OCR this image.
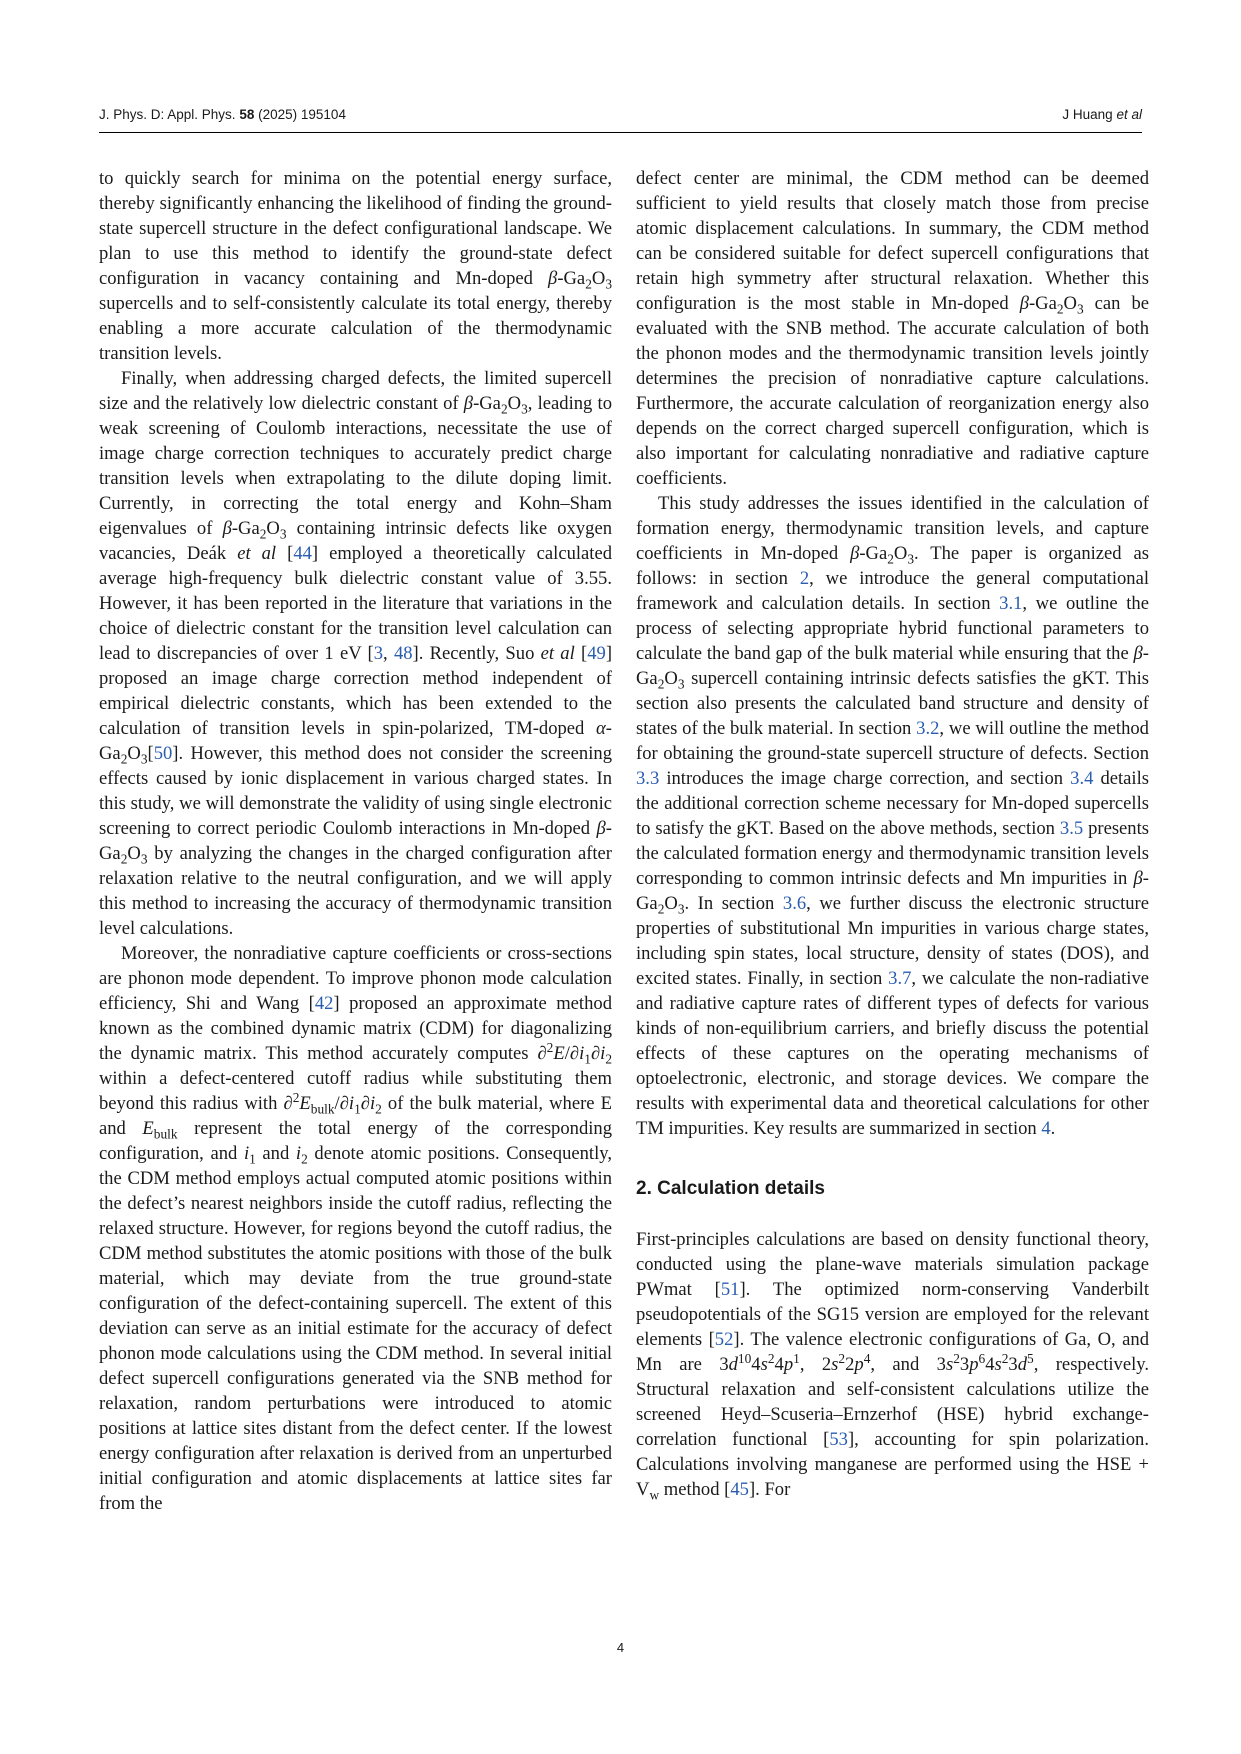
J. Phys. D: Appl. Phys. 58 (2025) 195104	J Huang et al

to quickly search for minima on the potential energy surface, thereby significantly enhancing the likelihood of finding the ground-state supercell structure in the defect configurational landscape. We plan to use this method to identify the ground-state defect configuration in vacancy containing and Mn-doped $\beta-Ga_2O_3$ supercells and to self-consistently calculate its total energy, thereby enabling a more accurate calculation of the thermodynamic transition levels.

Finally, when addressing charged defects, the limited supercell size and the relatively low dielectric constant of $\beta-Ga_2O_3$, leading to weak screening of Coulomb interactions, necessitate the use of image charge correction techniques to accurately predict charge transition levels when extrapolating to the dilute doping limit. Currently, in correcting the total energy and Kohn–Sham eigenvalues of $\beta-Ga_2O_3$ containing intrinsic defects like oxygen vacancies, Deák et al [44] employed a theoretically calculated average high-frequency bulk dielectric constant value of 3.55. However, it has been reported in the literature that variations in the choice of dielectric constant for the transition level calculation can lead to discrepancies of over 1 eV [3, 48]. Recently, Suo et al [49] proposed an image charge correction method independent of empirical dielectric constants, which has been extended to the calculation of transition levels in spin-polarized, TM-doped $\alpha-Ga_2O_3[50]$. However, this method does not consider the screening effects caused by ionic displacement in various charged states. In this study, we will demonstrate the validity of using single electronic screening to correct periodic Coulomb interactions in Mn-doped $\beta-Ga_2O_3$ by analyzing the changes in the charged configuration after relaxation relative to the neutral configuration, and we will apply this method to increasing the accuracy of thermodynamic transition level calculations.

Moreover, the nonradiative capture coefficients or cross-sections are phonon mode dependent. To improve phonon mode calculation efficiency, Shi and Wang [42] proposed an approximate method known as the combined dynamic matrix (CDM) for diagonalizing the dynamic matrix. This method accurately computes $\partial^2E/\partial i_1\partial i_2$ within a defect-centered cutoff radius while substituting them beyond this radius with $\partial^2E_{bulk}/\partial i_1\partial i_2$ of the bulk material, where E and $E_{bulk}$ represent the total energy of the corresponding configuration, and $i_1$ and $i_2$ denote atomic positions. Consequently, the CDM method employs actual computed atomic positions within the defect’s nearest neighbors inside the cutoff radius, reflecting the relaxed structure. However, for regions beyond the cutoff radius, the CDM method substitutes the atomic positions with those of the bulk material, which may deviate from the true ground-state configuration of the defect-containing supercell. The extent of this deviation can serve as an initial estimate for the accuracy of defect phonon mode calculations using the CDM method. In several initial defect supercell configurations generated via the SNB method for relaxation, random perturbations were introduced to atomic positions at lattice sites distant from the defect center. If the lowest energy configuration after relaxation is derived from an unperturbed initial configuration and atomic displacements at lattice sites far from the

defect center are minimal, the CDM method can be deemed sufficient to yield results that closely match those from precise atomic displacement calculations. In summary, the CDM method can be considered suitable for defect supercell configurations that retain high symmetry after structural relaxation. Whether this configuration is the most stable in Mn-doped $\beta-Ga_2O_3$ can be evaluated with the SNB method. The accurate calculation of both the phonon modes and the thermodynamic transition levels jointly determines the precision of nonradiative capture calculations. Furthermore, the accurate calculation of reorganization energy also depends on the correct charged supercell configuration, which is also important for calculating nonradiative and radiative capture coefficients.

This study addresses the issues identified in the calculation of formation energy, thermodynamic transition levels, and capture coefficients in Mn-doped $\beta-Ga_2O_3$. The paper is organized as follows: in section 2, we introduce the general computational framework and calculation details. In section 3.1, we outline the process of selecting appropriate hybrid functional parameters to calculate the band gap of the bulk material while ensuring that the $\beta-Ga_2O_3$ supercell containing intrinsic defects satisfies the gKT. This section also presents the calculated band structure and density of states of the bulk material. In section 3.2, we will outline the method for obtaining the ground-state supercell structure of defects. Section 3.3 introduces the image charge correction, and section 3.4 details the additional correction scheme necessary for Mn-doped supercells to satisfy the gKT. Based on the above methods, section 3.5 presents the calculated formation energy and thermodynamic transition levels corresponding to common intrinsic defects and Mn impurities in $\beta-Ga_2O_3$. In section 3.6, we further discuss the electronic structure properties of substitutional Mn impurities in various charge states, including spin states, local structure, density of states (DOS), and excited states. Finally, in section 3.7, we calculate the non-radiative and radiative capture rates of different types of defects for various kinds of non-equilibrium carriers, and briefly discuss the potential effects of these captures on the operating mechanisms of optoelectronic, electronic, and storage devices. We compare the results with experimental data and theoretical calculations for other TM impurities. Key results are summarized in section 4.

2. Calculation details

First-principles calculations are based on density functional theory, conducted using the plane-wave materials simulation package PWmat [51]. The optimized norm-conserving Vanderbilt pseudopotentials of the SG15 version are employed for the relevant elements [52]. The valence electronic configurations of Ga, O, and Mn are $3d^{10}4s^24p^1$, $2s^22p^4$, and $3s^23p^64s^23d^5$, respectively. Structural relaxation and self-consistent calculations utilize the screened Heyd–Scuseria–Ernzerhof (HSE) hybrid exchange-correlation functional [53], accounting for spin polarization. Calculations involving manganese are performed using the HSE + $V_w$ method [45]. For

4
